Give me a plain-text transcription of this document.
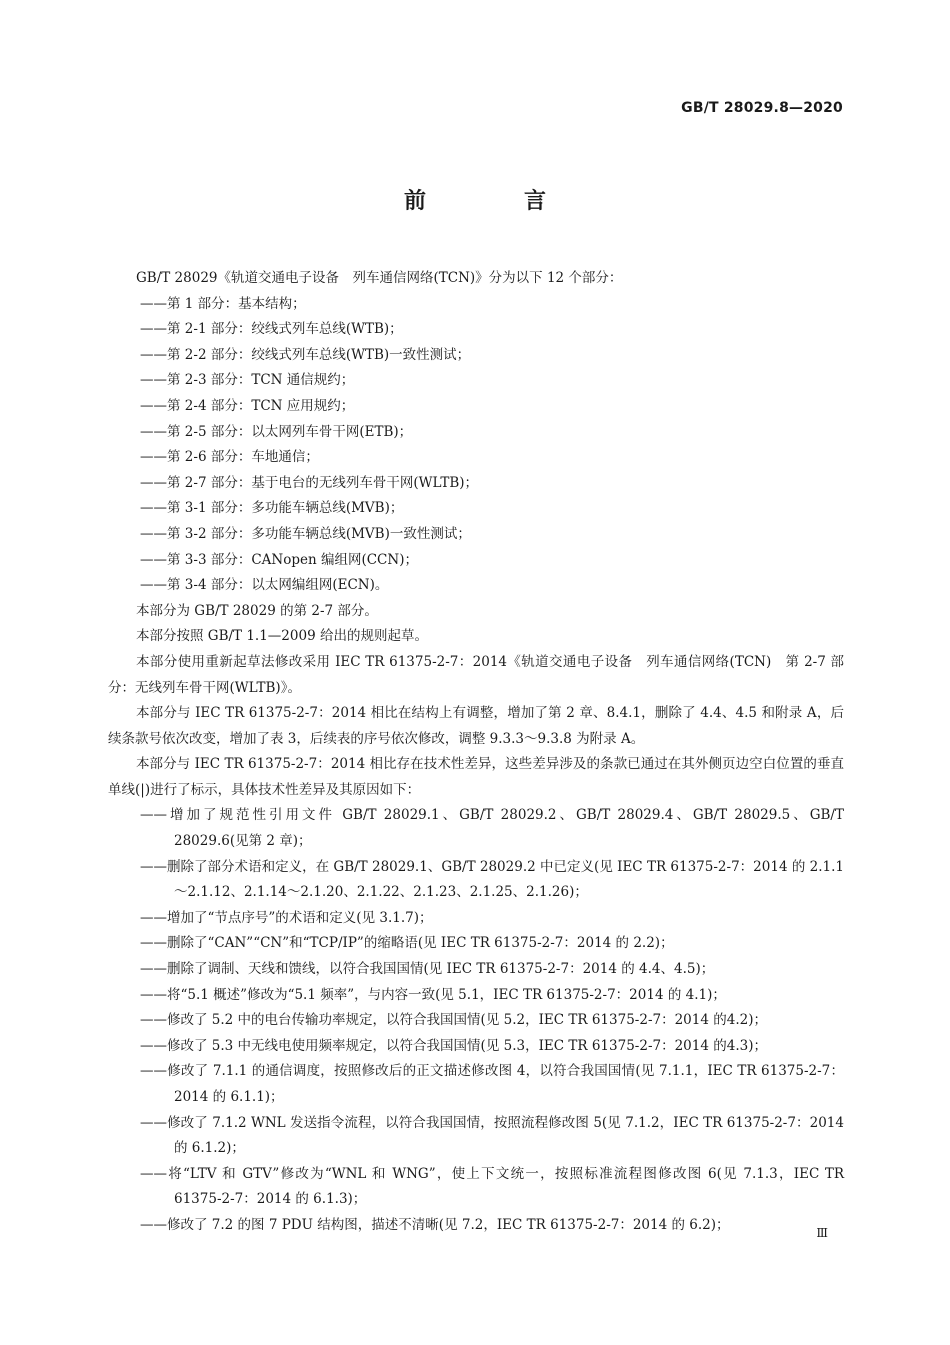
GB/T 28029.8—2020
前　言

GB/T 28029《轨道交通电子设备　列车通信网络(TCN)》分为以下 12 个部分：

——第 1 部分：基本结构；

——第 2-1 部分：绞线式列车总线(WTB)；

——第 2-2 部分：绞线式列车总线(WTB)一致性测试；

——第 2-3 部分：TCN 通信规约；

——第 2-4 部分：TCN 应用规约；

——第 2-5 部分：以太网列车骨干网(ETB)；

——第 2-6 部分：车地通信；

——第 2-7 部分：基于电台的无线列车骨干网(WLTB)；

——第 3-1 部分：多功能车辆总线(MVB)；

——第 3-2 部分：多功能车辆总线(MVB)一致性测试；

——第 3-3 部分：CANopen 编组网(CCN)；

——第 3-4 部分：以太网编组网(ECN)。

本部分为 GB/T 28029 的第 2-7 部分。

本部分按照 GB/T 1.1—2009 给出的规则起草。

本部分使用重新起草法修改采用 IEC TR 61375-2-7：2014《轨道交通电子设备　列车通信网络(TCN)　第 2-7 部分：无线列车骨干网(WLTB)》。

本部分与 IEC TR 61375-2-7：2014 相比在结构上有调整，增加了第 2 章、8.4.1，删除了 4.4、4.5 和附录 A，后续条款号依次改变，增加了表 3，后续表的序号依次修改，调整 9.3.3～9.3.8 为附录 A。

本部分与 IEC TR 61375-2-7：2014 相比存在技术性差异，这些差异涉及的条款已通过在其外侧页边空白位置的垂直单线(|)进行了标示，具体技术性差异及其原因如下：

——增加了规范性引用文件 GB/T 28029.1、GB/T 28029.2、GB/T 28029.4、GB/T 28029.5、GB/T 28029.6(见第 2 章)；

——删除了部分术语和定义，在 GB/T 28029.1、GB/T 28029.2 中已定义(见 IEC TR 61375-2-7：2014 的 2.1.1～2.1.12、2.1.14～2.1.20、2.1.22、2.1.23、2.1.25、2.1.26)；

——增加了“节点序号”的术语和定义(见 3.1.7)；

——删除了“CAN”“CN”和“TCP/IP”的缩略语(见 IEC TR 61375-2-7：2014 的 2.2)；

——删除了调制、天线和馈线，以符合我国国情(见 IEC TR 61375-2-7：2014 的 4.4、4.5)；

——将“5.1 概述”修改为“5.1 频率”，与内容一致(见 5.1，IEC TR 61375-2-7：2014 的 4.1)；

——修改了 5.2 中的电台传输功率规定，以符合我国国情(见 5.2，IEC TR 61375-2-7：2014 的4.2)；

——修改了 5.3 中无线电使用频率规定，以符合我国国情(见 5.3，IEC TR 61375-2-7：2014 的4.3)；

——修改了 7.1.1 的通信调度，按照修改后的正文描述修改图 4，以符合我国国情(见 7.1.1，IEC TR 61375-2-7：2014 的 6.1.1)；

——修改了 7.1.2 WNL 发送指令流程，以符合我国国情，按照流程修改图 5(见 7.1.2，IEC TR 61375-2-7：2014 的 6.1.2)；

——将“LTV 和 GTV”修改为“WNL 和 WNG”，使上下文统一，按照标准流程图修改图 6(见 7.1.3，IEC TR 61375-2-7：2014 的 6.1.3)；

——修改了 7.2 的图 7 PDU 结构图，描述不清晰(见 7.2，IEC TR 61375-2-7：2014 的 6.2)；

Ⅲ
